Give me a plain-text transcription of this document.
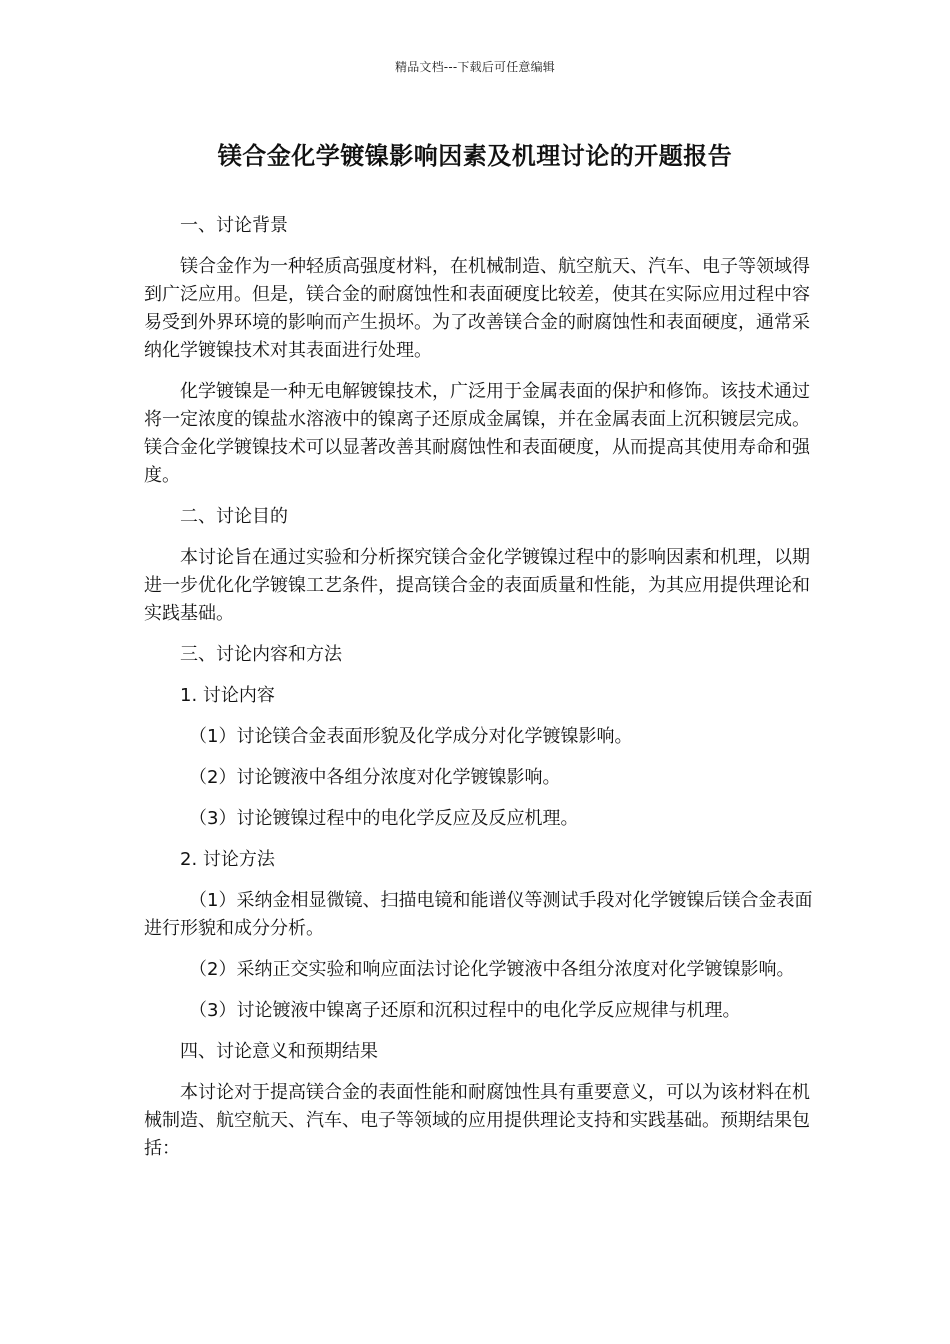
精品文档---下载后可任意编辑
镁合金化学镀镍影响因素及机理讨论的开题报告

一、讨论背景

镁合金作为一种轻质高强度材料，在机械制造、航空航天、汽车、电子等领域得到广泛应用。但是，镁合金的耐腐蚀性和表面硬度比较差，使其在实际应用过程中容易受到外界环境的影响而产生损坏。为了改善镁合金的耐腐蚀性和表面硬度，通常采纳化学镀镍技术对其表面进行处理。

化学镀镍是一种无电解镀镍技术，广泛用于金属表面的保护和修饰。该技术通过将一定浓度的镍盐水溶液中的镍离子还原成金属镍，并在金属表面上沉积镀层完成。镁合金化学镀镍技术可以显著改善其耐腐蚀性和表面硬度，从而提高其使用寿命和强度。

二、讨论目的

本讨论旨在通过实验和分析探究镁合金化学镀镍过程中的影响因素和机理，以期进一步优化化学镀镍工艺条件，提高镁合金的表面质量和性能，为其应用提供理论和实践基础。

三、讨论内容和方法

1. 讨论内容

（1）讨论镁合金表面形貌及化学成分对化学镀镍影响。

（2）讨论镀液中各组分浓度对化学镀镍影响。

（3）讨论镀镍过程中的电化学反应及反应机理。

2. 讨论方法

（1）采纳金相显微镜、扫描电镜和能谱仪等测试手段对化学镀镍后镁合金表面进行形貌和成分分析。

（2）采纳正交实验和响应面法讨论化学镀液中各组分浓度对化学镀镍影响。

（3）讨论镀液中镍离子还原和沉积过程中的电化学反应规律与机理。

四、讨论意义和预期结果

本讨论对于提高镁合金的表面性能和耐腐蚀性具有重要意义，可以为该材料在机械制造、航空航天、汽车、电子等领域的应用提供理论支持和实践基础。预期结果包括：
